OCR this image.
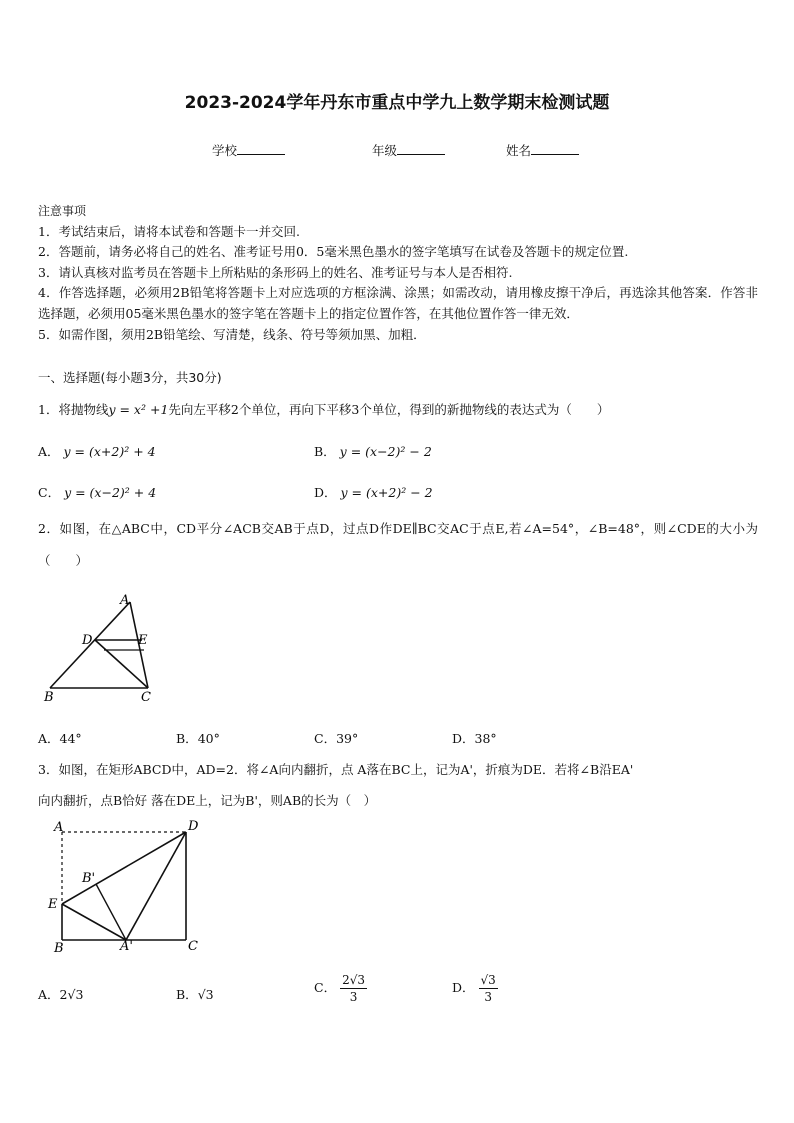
2023-2024学年丹东市重点中学九上数学期末检测试题
学校	年级	姓名

注意事项

1．考试结束后，请将本试卷和答题卡一并交回.

2．答题前，请务必将自己的姓名、准考证号用0．5毫米黑色墨水的签字笔填写在试卷及答题卡的规定位置.

3．请认真核对监考员在答题卡上所粘贴的条形码上的姓名、准考证号与本人是否相符.

4．作答选择题，必须用2B铅笔将答题卡上对应选项的方框涂满、涂黑；如需改动，请用橡皮擦干净后，再选涂其他答案．作答非选择题，必须用05毫米黑色墨水的签字笔在答题卡上的指定位置作答，在其他位置作答一律无效．

5．如需作图，须用2B铅笔绘、写清楚，线条、符号等须加黑、加粗．

一、选择题(每小题3分，共30分)
1．将抛物线y = x² +1先向左平移2个单位，再向下平移3个单位，得到的新抛物线的表达式为（　　）
A． y = (x+2)² + 4	B． y = (x−2)² − 2
C． y = (x−2)² + 4	D． y = (x+2)² − 2

2．如图，在△ABC中，CD平分∠ACB交AB于点D，过点D作DE∥BC交AC于点E,若∠A=54°，∠B=48°，则∠CDE的大小为（　　）

A
B	C
D	E
A．44°	B．40°	C．39°	D．38°
3．如图，在矩形ABCD中，AD=2．将∠A向内翻折，点 A落在BC上，记为A'，折痕为DE．若将∠B沿EA'
向内翻折，点B恰好 落在DE上，记为B'，则AB的长为（　）
A	D
E
B'
B	A'	C
A．2√3	B．√3	C． $\frac{2√3}{3}$	D． $\frac{√3}{3}$
